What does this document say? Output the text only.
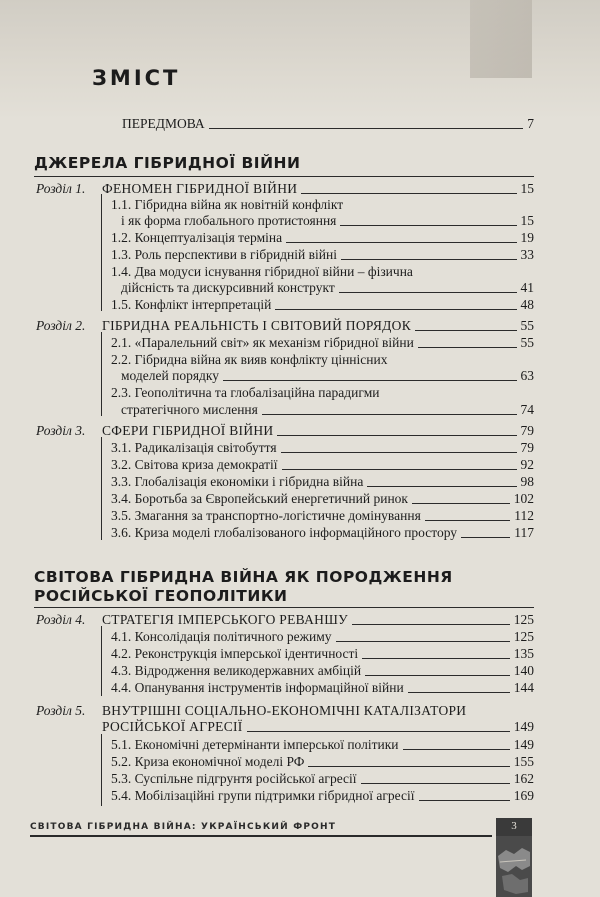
ЗМІСТ
ПЕРЕДМОВА	7
ДЖЕРЕЛА ГІБРИДНОЇ ВІЙНИ
Розділ 1.	ФЕНОМЕН ГІБРИДНОЇ ВІЙНИ	15
1.1. Гібридна війна як новітній конфлікт
і як форма глобального протистояння	15
1.2. Концептуалізація терміна	19
1.3. Роль перспективи в гібридній війні	33
1.4. Два модуси існування гібридної війни – фізична
дійсність та дискурсивний конструкт	41
1.5. Конфлікт інтерпретацій	48
Розділ 2.	ГІБРИДНА РЕАЛЬНІСТЬ І СВІТОВИЙ ПОРЯДОК	55
2.1. «Паралельний світ» як механізм гібридної війни	55
2.2. Гібридна війна як вияв конфлікту ціннісних
моделей порядку	63
2.3. Геополітична та глобалізаційна парадигми
стратегічного мислення	74
Розділ 3.	СФЕРИ ГІБРИДНОЇ ВІЙНИ	79
3.1. Радикалізація світобуття	79
3.2. Світова криза демократії	92
3.3. Глобалізація економіки і гібридна війна	98
3.4. Боротьба за Європейський енергетичний ринок	102
3.5. Змагання за транспортно-логістичне домінування	112
3.6. Криза моделі глобалізованого інформаційного простору	117
СВІТОВА ГІБРИДНА ВІЙНА ЯК ПОРОДЖЕННЯ
РОСІЙСЬКОЇ ГЕОПОЛІТИКИ
Розділ 4.	СТРАТЕГІЯ ІМПЕРСЬКОГО РЕВАНШУ	125
4.1. Консолідація політичного режиму	125
4.2. Реконструкція імперської ідентичності	135
4.3. Відродження великодержавних амбіцій	140
4.4. Опанування інструментів інформаційної війни	144
Розділ 5. ВНУТРІШНІ СОЦІАЛЬНО-ЕКОНОМІЧНІ КАТАЛІЗАТОРИ
РОСІЙСЬКОЇ АГРЕСІЇ	149
5.1. Економічні детермінанти імперської політики	149
5.2. Криза економічної моделі РФ	155
5.3. Суспільне підгрунтя російської агресії	162
5.4. Мобілізаційні групи підтримки гібридної агресії	169
СВІТОВА ГІБРИДНА ВІЙНА: УКРАЇНСЬКИЙ ФРОНТ	3
